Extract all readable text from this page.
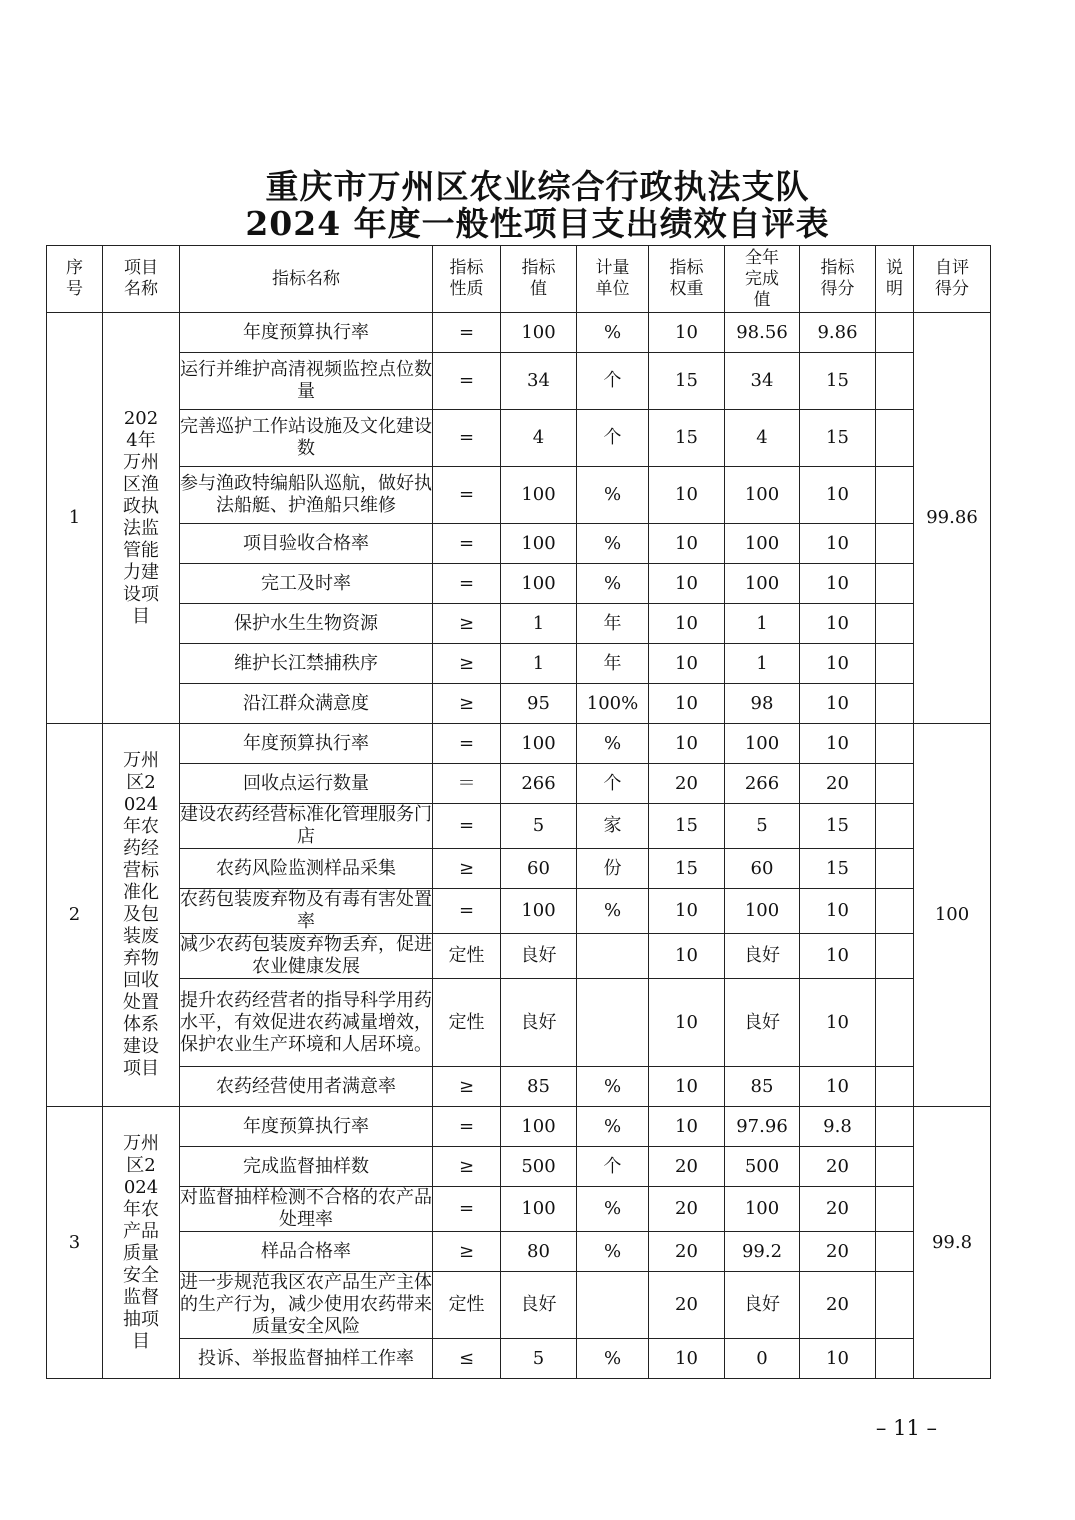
重庆市万州区农业综合行政执法支队
2024 年度一般性项目支出绩效自评表
序号	项目名称	指标名称	指标性质	指标值	计量单位	指标权重	全年完成值	指标得分	说明	自评得分
1	2024年万州区渔政执法监管能力建设项目	年度预算执行率	=	100	%	10	98.56	9.86		99.86
		运行并维护高清视频监控点位数量	=	34	个	15	34	15		
		完善巡护工作站设施及文化建设数	=	4	个	15	4	15		
		参与渔政特编船队巡航，做好执法船艇、护渔船只维修	=	100	%	10	100	10		
		项目验收合格率	=	100	%	10	100	10		
		完工及时率	=	100	%	10	100	10		
		保护水生生物资源	≥	1	年	10	1	10		
		维护长江禁捕秩序	≥	1	年	10	1	10		
		沿江群众满意度	≥	95	100%	10	98	10		
2	万州区2024年农药经营标准化及包装废弃物回收处置体系建设项目	年度预算执行率	=	100	%	10	100	10		100
		回收点运行数量	＝	266	个	20	266	20		
		建设农药经营标准化管理服务门店	=	5	家	15	5	15		
		农药风险监测样品采集	≥	60	份	15	60	15		
		农药包装废弃物及有毒有害处置率	=	100	%	10	100	10		
		减少农药包装废弃物丢弃，促进农业健康发展	定性	良好		10	良好	10		
		提升农药经营者的指导科学用药水平，有效促进农药减量增效，保护农业生产环境和人居环境。	定性	良好		10	良好	10		
		农药经营使用者满意率	≥	85	%	10	85	10		
3	万州区2024年农产品质量安全监督抽项目	年度预算执行率	=	100	%	10	97.96	9.8		99.8
		完成监督抽样数	≥	500	个	20	500	20		
		对监督抽样检测不合格的农产品处理率	=	100	%	20	100	20		
		样品合格率	≥	80	%	20	99.2	20		
		进一步规范我区农产品生产主体的生产行为，减少使用农药带来质量安全风险	定性	良好		20	良好	20		
		投诉、举报监督抽样工作率	≤	5	%	10	0	10		
– 11 –
